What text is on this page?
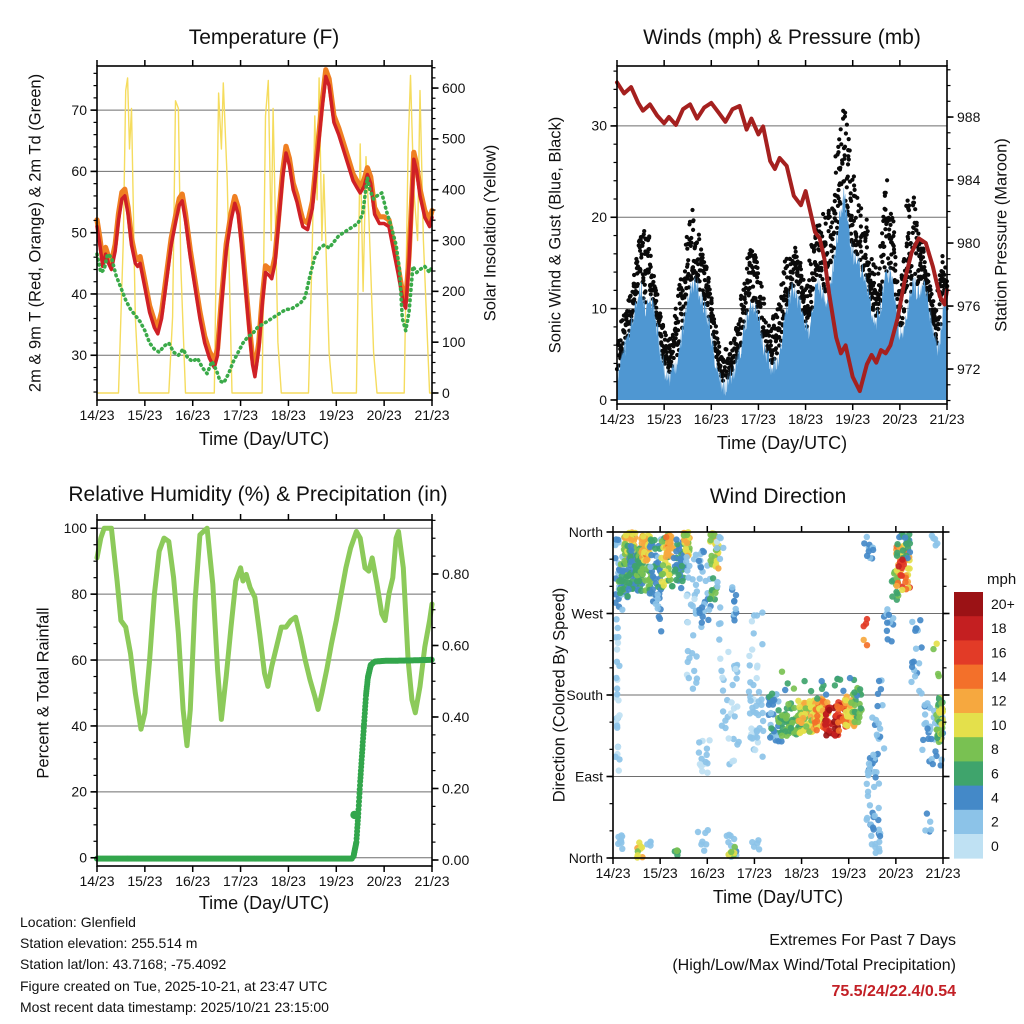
14/23 15/23 16/23 17/23 18/23 19/23 20/23 21/23
30
40
50
60
70
0
100
200
300
400
500
600
14/23 15/23 16/23 17/23 18/23 19/23 20/23 21/23
0
10
20
30
972
976
980
984
988
14/23 15/23 16/23 17/23 18/23 19/23 20/23 21/23
0
20
40
60
80
100
0.00
0.20
0.40
0.60
0.80
14/23 15/23 16/23 17/23 18/23 19/23 20/23 21/23
North
East
South
West
North
20+
18
16
14
12
10
8
6
4
2
0
mph
Temperature (F)	Winds (mph) & Pressure (mb)
Relative Humidity (%) & Precipitation (in)	Wind Direction
Time (Day/UTC)	Time (Day/UTC)
Time (Day/UTC)	Time (Day/UTC)
2m & 9m T (Red, Orange) & 2m Td (Green)	Solar Insolation (Yellow)	Sonic Wind & Gust (Blue, Black)	Station Pressure (Maroon)
Percent & Total Rainfall	Direction (Colored By Speed)
Location: Glenfield
Station elevation: 255.514 m
Station lat/lon: 43.7168; -75.4092
Figure created on Tue, 2025-10-21, at 23:47 UTC
Most recent data timestamp: 2025/10/21 23:15:00
Extremes For Past 7 Days
(High/Low/Max Wind/Total Precipitation)
75.5/24/22.4/0.54
